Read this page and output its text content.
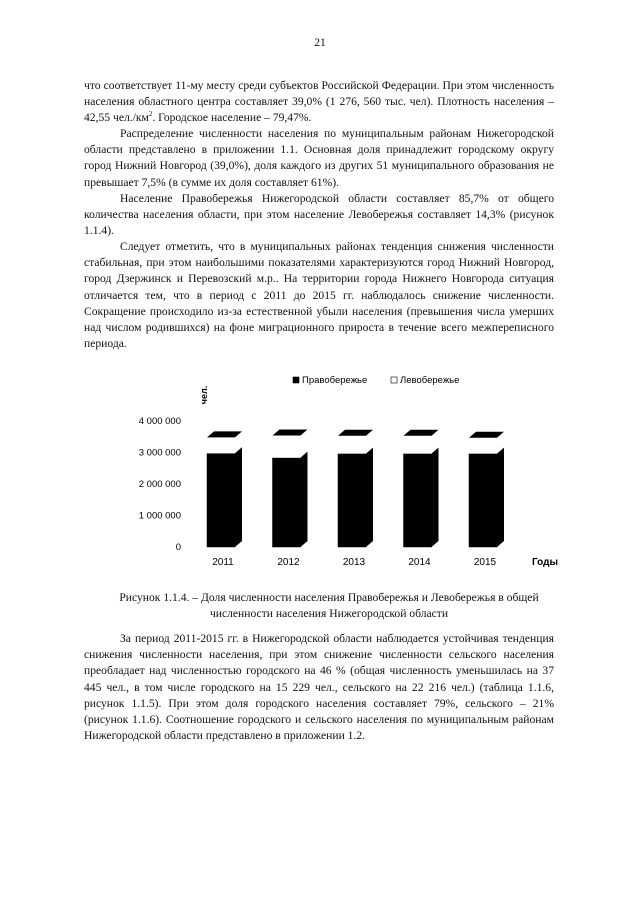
21

что соответствует 11-му месту среди субъектов Российской Федерации. При этом численность населения областного центра составляет 39,0% (1 276, 560 тыс. чел). Плотность населения – 42,55 $чел./км^2$. Городское население – 79,47%.

Распределение численности населения по муниципальным районам Нижегородской области представлено в приложении 1.1. Основная доля принадлежит городскому округу город Нижний Новгород (39,0%), доля каждого из других 51 муниципального образования не превышает 7,5% (в сумме их доля составляет 61%).

Население Правобережья Нижегородской области составляет 85,7% от общего количества населения области, при этом население Левобережья составляет 14,3% (рисунок 1.1.4).

Следует отметить, что в муниципальных районах тенденция снижения численности стабильная, при этом наибольшими показателями характеризуются город Нижний Новгород, город Дзержинск и Перевозский м.р.. На территории города Нижнего Новгорода ситуация отличается тем, что в период с 2011 до 2015 гг. наблюдалось снижение численности. Сокращение происходило из-за естественной убыли населения (превышения числа умерших над числом родившихся) на фоне миграционного прироста в течение всего межпереписного периода.

Правобережье	Левобережье
чел.
0
1 000 000
2 000 000
3 000 000
4 000 000
2011	2012	2013	2014	2015	Годы
Рисунок 1.1.4. – Доля численности населения Правобережья и Левобережья в общей
численности населения Нижегородской области

За период 2011-2015 гг. в Нижегородской области наблюдается устойчивая тенденция снижения численности населения, при этом снижение численности сельского населения преобладает над численностью городского на 46 % (общая численность уменьшилась на 37 445 чел., в том числе городского на 15 229 чел., сельского на 22 216 чел.) (таблица 1.1.6, рисунок 1.1.5). При этом доля городского населения составляет 79%, сельского – 21% (рисунок 1.1.6). Соотношение городского и сельского населения по муниципальным районам Нижегородской области представлено в приложении 1.2.
